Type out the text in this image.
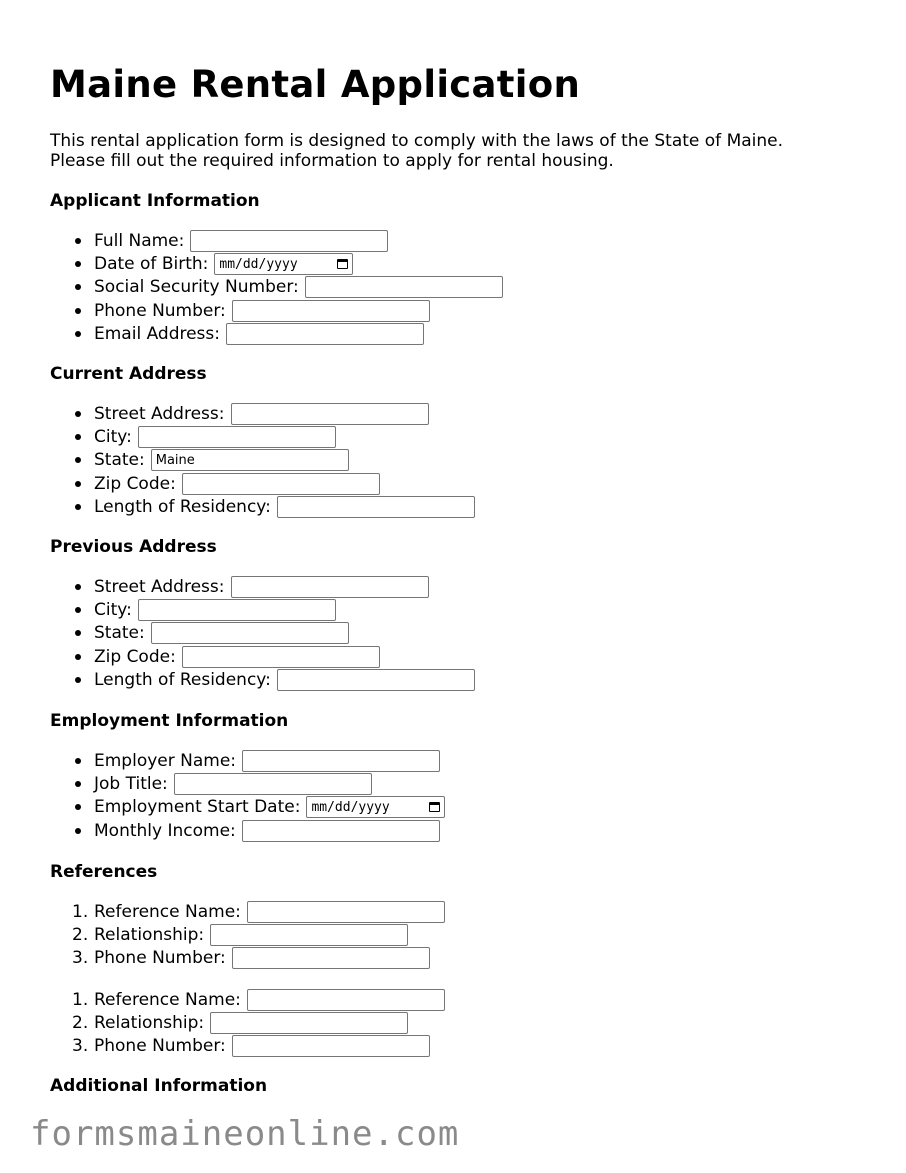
Maine Rental Application

This rental application form is designed to comply with the laws of the State of Maine.
Please fill out the required information to apply for rental housing.

Applicant Information
Full Name:
Date of Birth: mm/dd/yyyy
Social Security Number:
Phone Number:
Email Address:
Current Address
Street Address:
City:
State:
Maine
Zip Code:
Length of Residency:
Previous Address
Street Address:
City:
State:
Zip Code:
Length of Residency:
Employment Information
Employer Name:
Job Title:
Employment Start Date: mm/dd/yyyy
Monthly Income:
References
1. Reference Name:
2. Relationship:
3. Phone Number:
1. Reference Name:
2. Relationship:
3. Phone Number:
Additional Information
formsmaineonline.com
